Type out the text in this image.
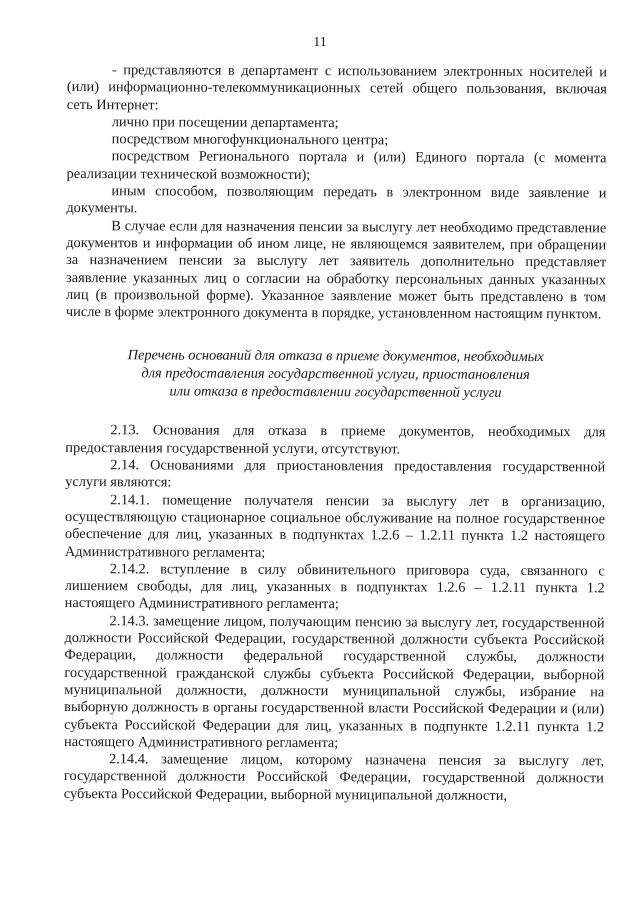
11

- представляются в департамент с использованием электронных носителей и (или) информационно-телекоммуникационных сетей общего пользования, включая сеть Интернет:

лично при посещении департамента;

посредством многофункционального центра;

посредством Регионального портала и (или) Единого портала (с момента реализации технической возможности);

иным способом, позволяющим передать в электронном виде заявление и документы.

В случае если для назначения пенсии за выслугу лет необходимо представление документов и информации об ином лице, не являющемся заявителем, при обращении за назначением пенсии за выслугу лет заявитель дополнительно представляет заявление указанных лиц о согласии на обработку персональных данных указанных лиц (в произвольной форме). Указанное заявление может быть представлено в том числе в форме электронного документа в порядке, установленном настоящим пунктом.

Перечень оснований для отказа в приеме документов, необходимых
для предоставления государственной услуги, приостановления
или отказа в предоставлении государственной услуги

2.13. Основания для отказа в приеме документов, необходимых для предоставления государственной услуги, отсутствуют.

2.14. Основаниями для приостановления предоставления государственной услуги являются:

2.14.1. помещение получателя пенсии за выслугу лет в организацию, осуществляющую стационарное социальное обслуживание на полное государственное обеспечение для лиц, указанных в подпунктах 1.2.6 – 1.2.11 пункта 1.2 настоящего Административного регламента;

2.14.2. вступление в силу обвинительного приговора суда, связанного с лишением свободы, для лиц, указанных в подпунктах 1.2.6 – 1.2.11 пункта 1.2 настоящего Административного регламента;

2.14.3. замещение лицом, получающим пенсию за выслугу лет, государственной должности Российской Федерации, государственной должности субъекта Российской Федерации, должности федеральной государственной службы, должности государственной гражданской службы субъекта Российской Федерации, выборной муниципальной должности, должности муниципальной службы, избрание на выборную должность в органы государственной власти Российской Федерации и (или) субъекта Российской Федерации для лиц, указанных в подпункте 1.2.11 пункта 1.2 настоящего Административного регламента;

2.14.4. замещение лицом, которому назначена пенсия за выслугу лет, государственной должности Российской Федерации, государственной должности субъекта Российской Федерации, выборной муниципальной должности,
